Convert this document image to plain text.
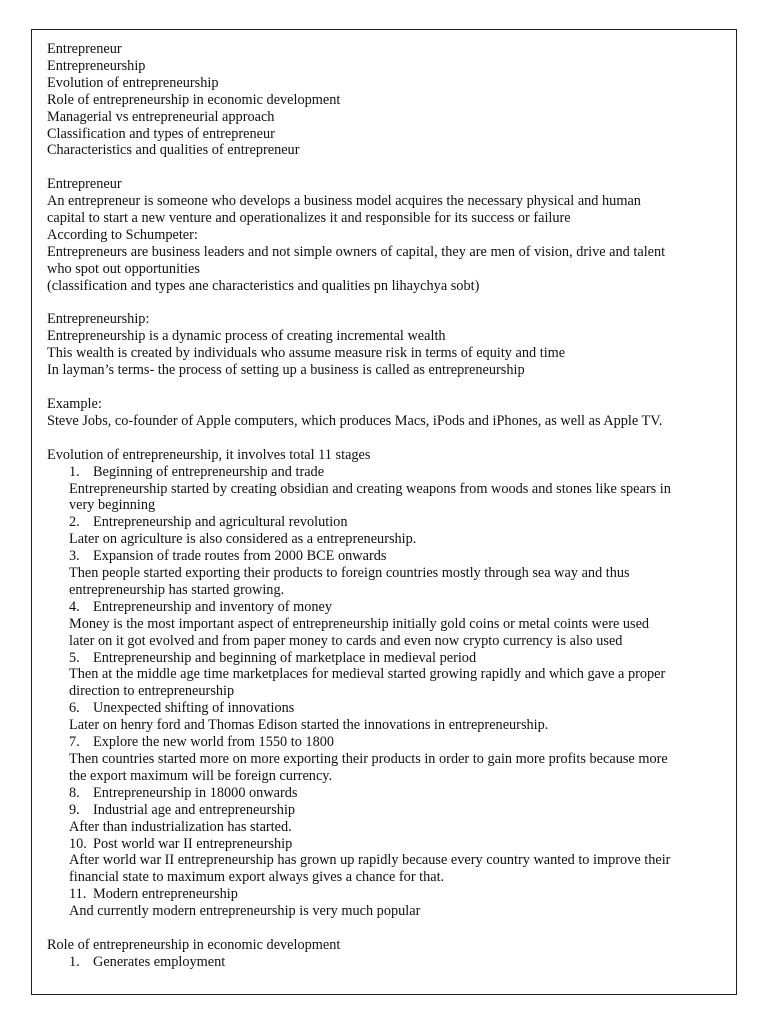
Entrepreneur

Entrepreneurship

Evolution of entrepreneurship

Role of entrepreneurship in economic development

Managerial vs entrepreneurial approach

Classification and types of entrepreneur

Characteristics and qualities of entrepreneur

Entrepreneur

An entrepreneur is someone who develops a business model acquires the necessary physical and human

capital to start a new venture and operationalizes it and responsible for its success or failure

According to Schumpeter:

Entrepreneurs are business leaders and not simple owners of capital, they are men of vision, drive and talent

who spot out opportunities

(classification and types ane characteristics and qualities pn lihaychya sobt)

Entrepreneurship:

Entrepreneurship is a dynamic process of creating incremental wealth

This wealth is created by individuals who assume measure risk in terms of equity and time

In layman’s terms- the process of setting up a business is called as entrepreneurship

Example:

Steve Jobs, co-founder of Apple computers, which produces Macs, iPods and iPhones, as well as Apple TV.

Evolution of entrepreneurship, it involves total 11 stages

1. Beginning of entrepreneurship and trade

Entrepreneurship started by creating obsidian and creating weapons from woods and stones like spears in

very beginning

2. Entrepreneurship and agricultural revolution

Later on agriculture is also considered as a entrepreneurship.

3. Expansion of trade routes from 2000 BCE onwards

Then people started exporting their products to foreign countries mostly through sea way and thus

entrepreneurship has started growing.

4. Entrepreneurship and inventory of money

Money is the most important aspect of entrepreneurship initially gold coins or metal coints were used

later on it got evolved and from paper money to cards and even now crypto currency is also used

5. Entrepreneurship and beginning of marketplace in medieval period

Then at the middle age time marketplaces for medieval started growing rapidly and which gave a proper

direction to entrepreneurship

6. Unexpected shifting of innovations

Later on henry ford and Thomas Edison started the innovations in entrepreneurship.

7. Explore the new world from 1550 to 1800

Then countries started more on more exporting their products in order to gain more profits because more

the export maximum will be foreign currency.

8. Entrepreneurship in 18000 onwards

9. Industrial age and entrepreneurship

After than industrialization has started.

10. Post world war II entrepreneurship

After world war II entrepreneurship has grown up rapidly because every country wanted to improve their

financial state to maximum export always gives a chance for that.

11. Modern entrepreneurship

And currently modern entrepreneurship is very much popular

Role of entrepreneurship in economic development

1. Generates employment
